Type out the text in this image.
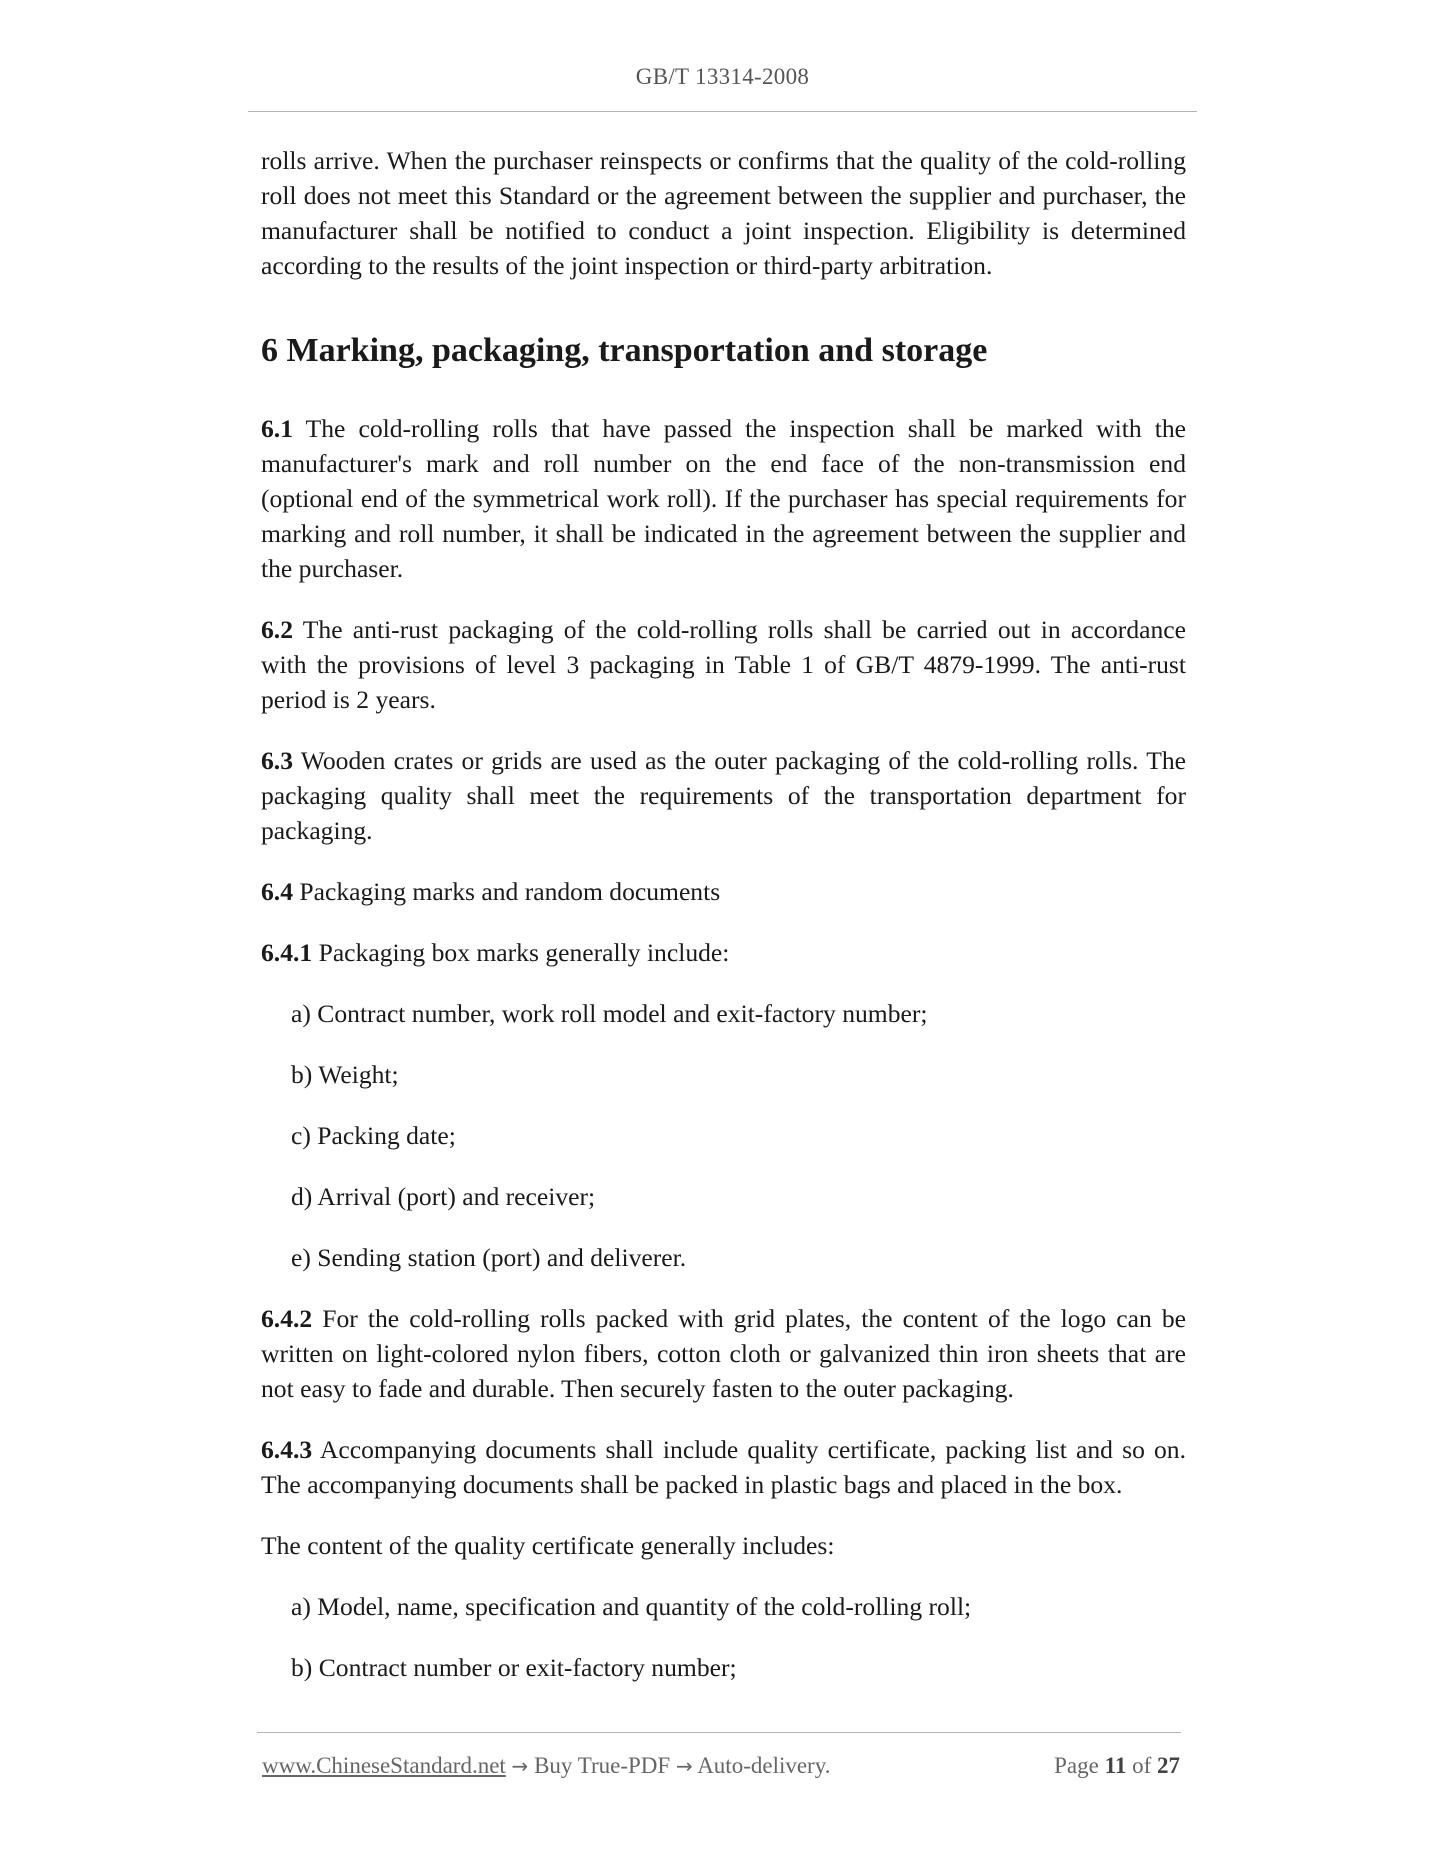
GB/T 13314-2008

rolls arrive. When the purchaser reinspects or confirms that the quality of the cold-rolling roll does not meet this Standard or the agreement between the supplier and purchaser, the manufacturer shall be notified to conduct a joint inspection. Eligibility is determined according to the results of the joint inspection or third-party arbitration.

6 Marking, packaging, transportation and storage

6.1 The cold-rolling rolls that have passed the inspection shall be marked with the manufacturer's mark and roll number on the end face of the non-transmission end (optional end of the symmetrical work roll). If the purchaser has special requirements for marking and roll number, it shall be indicated in the agreement between the supplier and the purchaser.

6.2 The anti-rust packaging of the cold-rolling rolls shall be carried out in accordance with the provisions of level 3 packaging in Table 1 of GB/T 4879-1999. The anti-rust period is 2 years.

6.3 Wooden crates or grids are used as the outer packaging of the cold-rolling rolls. The packaging quality shall meet the requirements of the transportation department for packaging.

6.4 Packaging marks and random documents

6.4.1 Packaging box marks generally include:

a) Contract number, work roll model and exit-factory number;

b) Weight;

c) Packing date;

d) Arrival (port) and receiver;

e) Sending station (port) and deliverer.

6.4.2 For the cold-rolling rolls packed with grid plates, the content of the logo can be written on light-colored nylon fibers, cotton cloth or galvanized thin iron sheets that are not easy to fade and durable. Then securely fasten to the outer packaging.

6.4.3 Accompanying documents shall include quality certificate, packing list and so on. The accompanying documents shall be packed in plastic bags and placed in the box.

The content of the quality certificate generally includes:

a) Model, name, specification and quantity of the cold-rolling roll;

b) Contract number or exit-factory number;

www.ChineseStandard.net → Buy True-PDF → Auto-delivery.	Page 11 of 27
